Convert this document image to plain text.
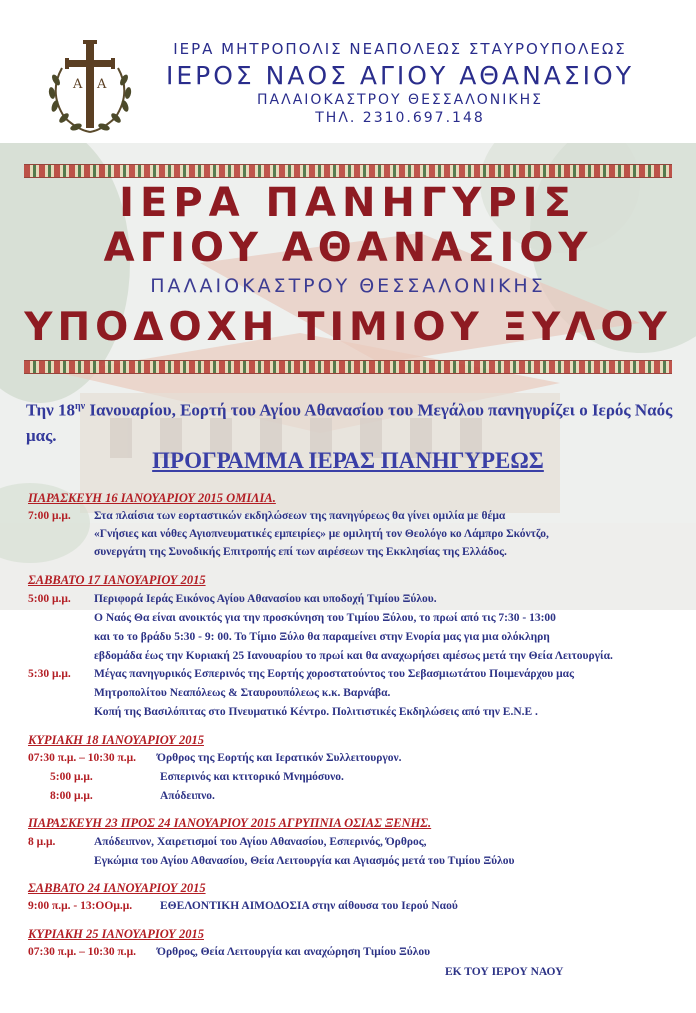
Α Α
ΙΕΡΑ ΜΗΤΡΟΠΟΛΙΣ ΝΕΑΠΟΛΕΩΣ ΣΤΑΥΡΟΥΠΟΛΕΩΣ
ΙΕΡΟΣ ΝΑΟΣ ΑΓΙΟΥ ΑΘΑΝΑΣΙΟΥ
ΠΑΛΑΙΟΚΑΣΤΡΟΥ ΘΕΣΣΑΛΟΝΙΚΗΣ
ΤΗΛ. 2310.697.148
ΙΕΡΑ ΠΑΝΗΓΥΡΙΣ
ΑΓΙΟΥ ΑΘΑΝΑΣΙΟΥ
ΠΑΛΑΙΟΚΑΣΤΡΟΥ ΘΕΣΣΑΛΟΝΙΚΗΣ
ΥΠΟΔΟΧΗ ΤΙΜΙΟΥ ΞΥΛΟΥ
Την $18^{\eta\nu}$ Ιανουαρίου, Εορτή του Αγίου Αθανασίου του Μεγάλου πανηγυρίζει ο Ιερός Ναός μας.
ΠΡΟΓΡΑΜΜΑ ΙΕΡΑΣ ΠΑΝΗΓΥΡΕΩΣ
ΠΑΡΑΣΚΕΥΗ 16 ΙΑΝΟΥΑΡΙΟΥ 2015 ΟΜΙΛΙΑ.
7:00 μ.μ. Στα πλαίσια των εορταστικών εκδηλώσεων της πανηγύρεως θα γίνει ομιλία με θέμα
«Γνήσιες και νόθες Αγιοπνευματικές εμπειρίες» με ομιλητή τον Θεολόγο κο Λάμπρο Σκόντζο,
συνεργάτη της Συνοδικής Επιτροπής επί των αιρέσεων της Εκκλησίας της Ελλάδος.
ΣΑΒΒΑΤΟ 17 ΙΑΝΟΥΑΡΙΟΥ 2015
5:00 μ.μ. Περιφορά Ιεράς Εικόνος Αγίου Αθανασίου και υποδοχή Τιμίου Ξύλου.
Ο Ναός Θα είναι ανοικτός για την προσκύνηση του Τιμίου Ξύλου, το πρωί από τις 7:30 - 13:00
και το το βράδυ 5:30 - 9: 00. Το Τίμιο Ξύλο θα παραμείνει στην Ενορία μας για μια ολόκληρη
εβδομάδα έως την Κυριακή 25 Ιανουαρίου το πρωί και θα αναχωρήσει αμέσως μετά την Θεία Λειτουργία.
5:30 μ.μ. Μέγας πανηγυρικός Εσπερινός της Εορτής χοροστατούντος του Σεβασμιωτάτου Ποιμενάρχου μας
Μητροπολίτου Νεαπόλεως & Σταυρουπόλεως κ.κ. Βαρνάβα.
Κοπή της Βασιλόπιτας στο Πνευματικό Κέντρο. Πολιτιστικές Εκδηλώσεις από την Ε.Ν.Ε .
ΚΥΡΙΑΚΗ 18 ΙΑΝΟΥΑΡΙΟΥ 2015
07:30 π.μ. – 10:30 π.μ. Όρθρος της Εορτής και Ιερατικόν Συλλειτουργον.
5:00 μ.μ.	Εσπερινός και κτιτορικό Μνημόσυνο.
8:00 μ.μ.	Απόδειπνο.
ΠΑΡΑΣΚΕΥΗ 23 ΠΡΟΣ 24 ΙΑΝΟΥΑΡΙΟΥ 2015 ΑΓΡΥΠΝΙΑ ΟΣΙΑΣ ΞΕΝΗΣ.
8 μ.μ.	Απόδειπνον, Χαιρετισμοί του Αγίου Αθανασίου, Εσπερινός, Όρθρος,
Εγκώμια του Αγίου Αθανασίου, Θεία Λειτουργία και Αγιασμός μετά του Τιμίου Ξύλου
ΣΑΒΒΑΤΟ 24 ΙΑΝΟΥΑΡΙΟΥ 2015
9:00 π.μ. - 13:ΟΟμ.μ. ΕΘΕΛΟΝΤΙΚΗ ΑΙΜΟΔΟΣΙΑ στην αίθουσα του Ιερού Ναού
ΚΥΡΙΑΚΗ 25 ΙΑΝΟΥΑΡΙΟΥ 2015
07:30 π.μ. – 10:30 π.μ. Όρθρος, Θεία Λειτουργία και αναχώρηση Τιμίου Ξύλου
ΕΚ ΤΟΥ ΙΕΡΟΥ ΝΑΟΥ
